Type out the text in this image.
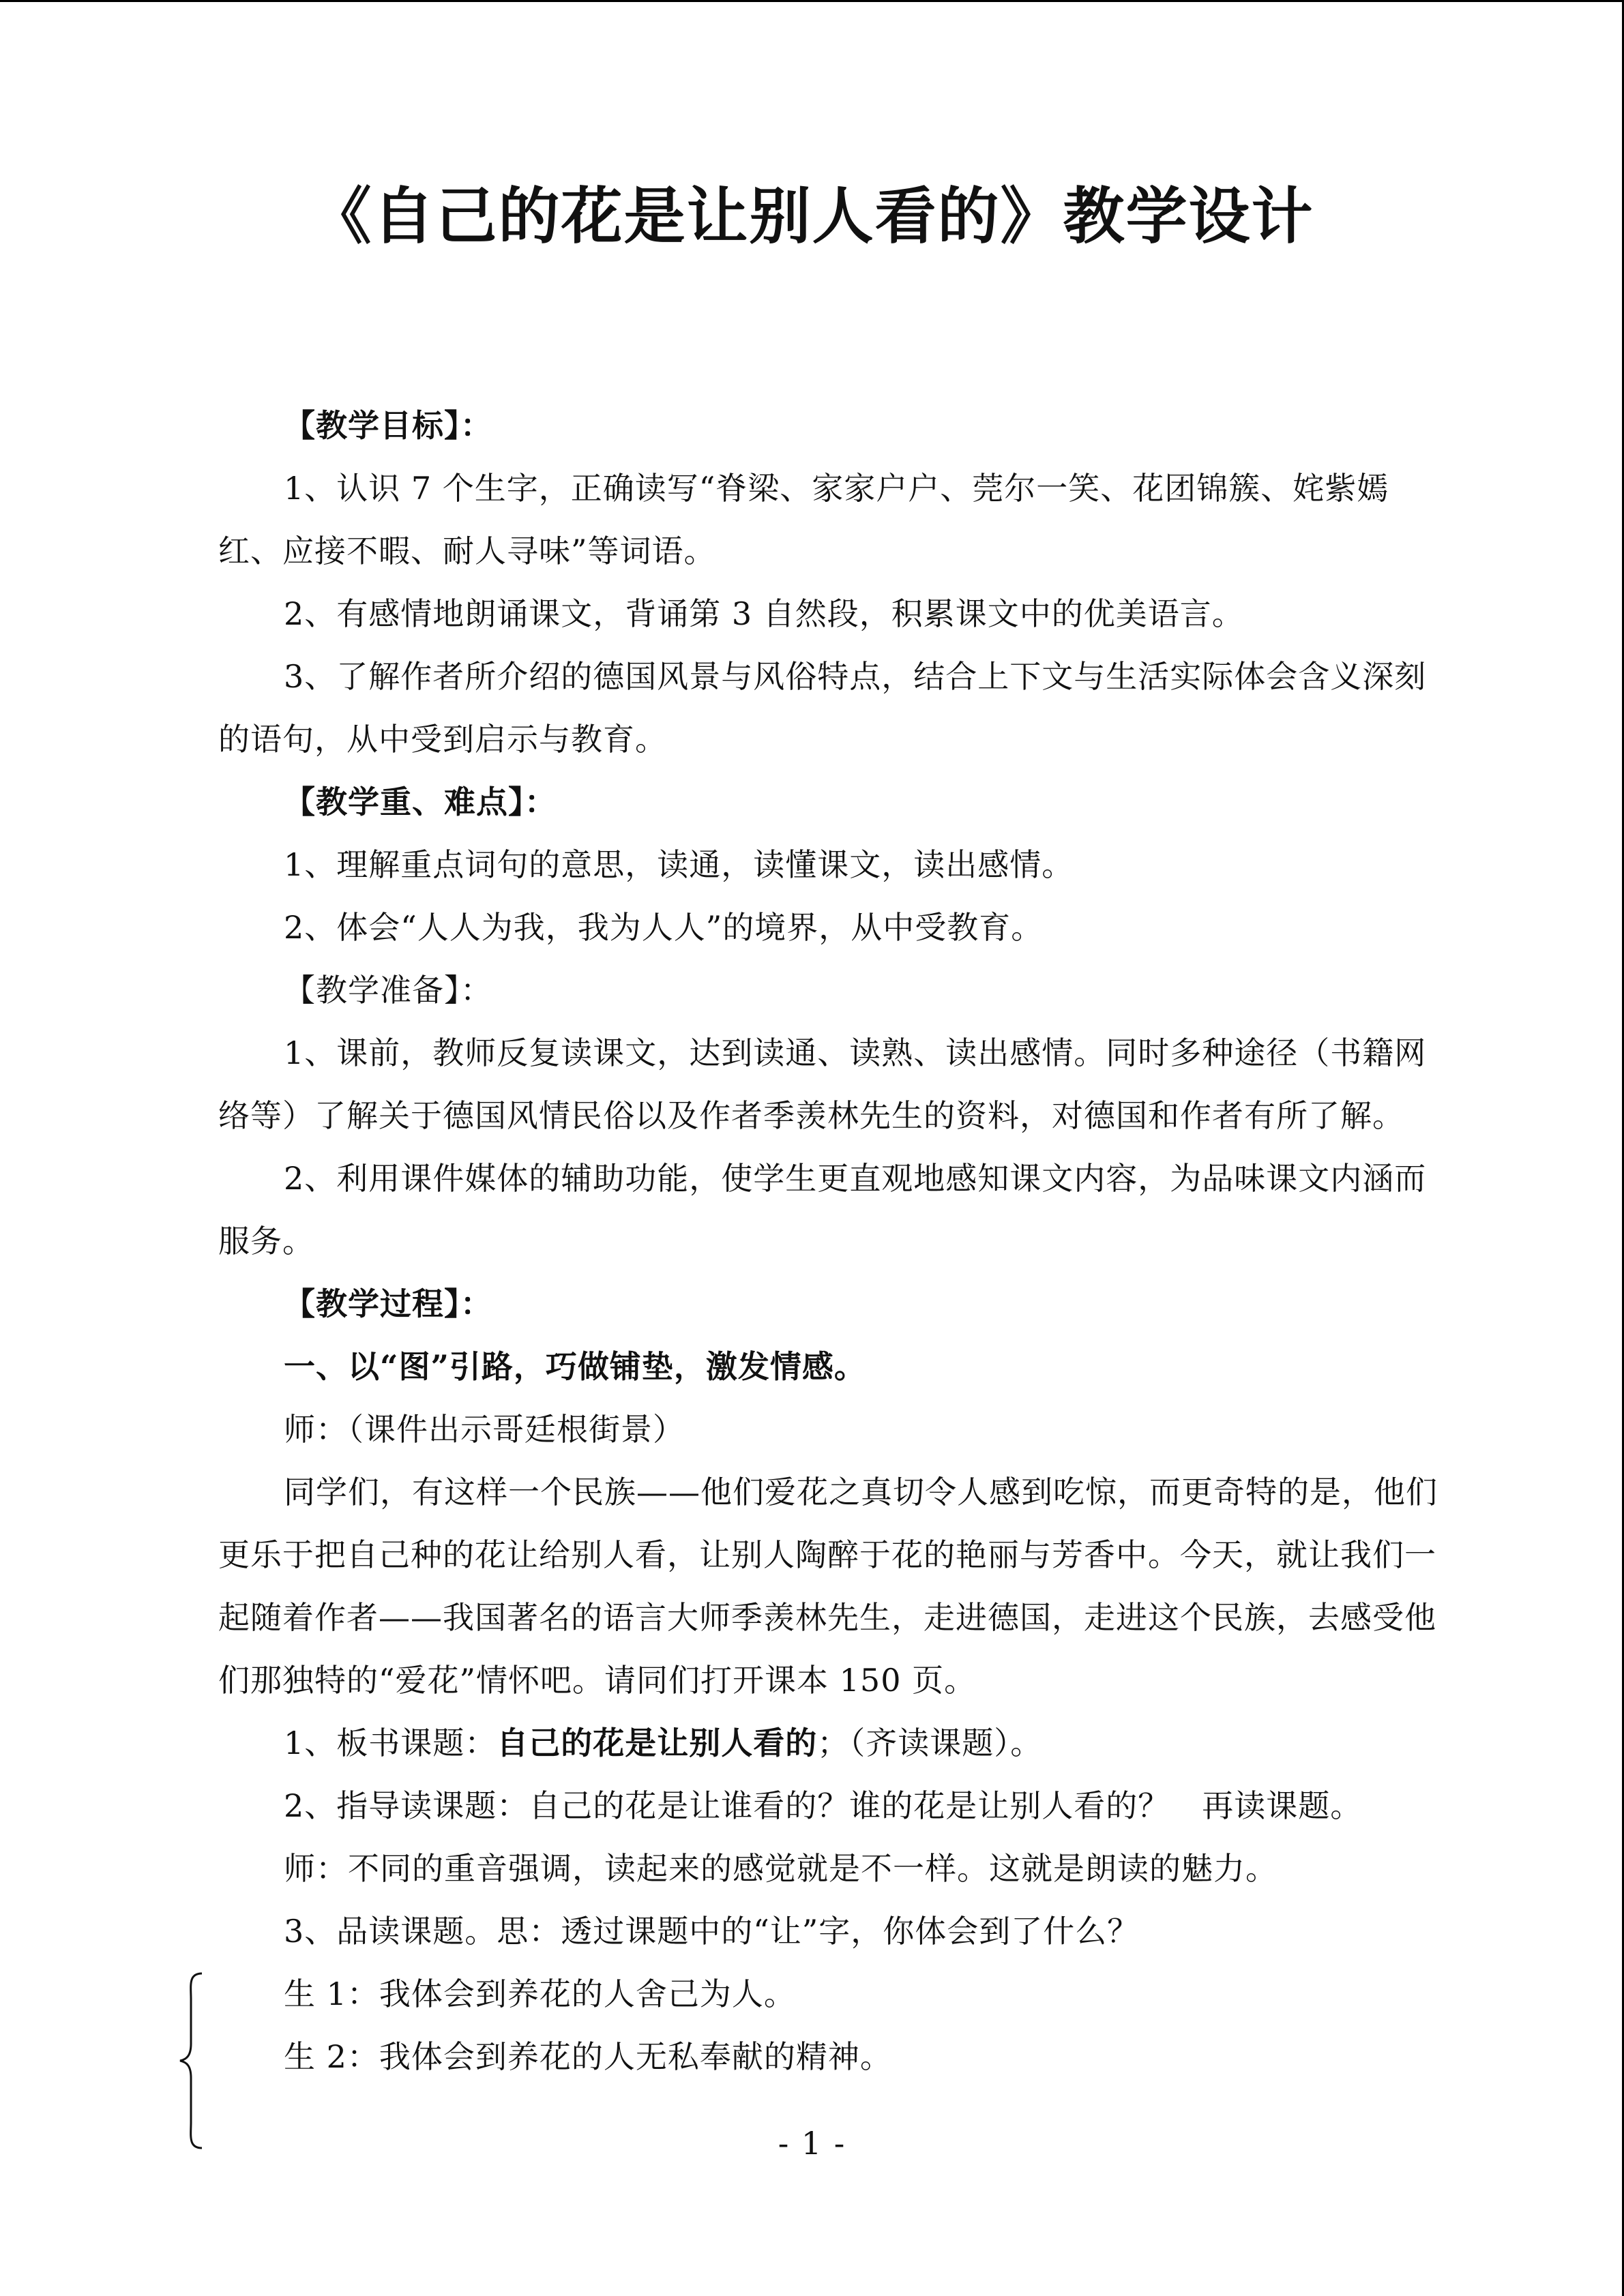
《自己的花是让别人看的》教学设计

【教学目标】：

1、认识 7 个生字，正确读写“脊梁、家家户户、莞尔一笑、花团锦簇、姹紫嫣红、应接不暇、耐人寻味”等词语。

2、有感情地朗诵课文，背诵第 3 自然段，积累课文中的优美语言。

3、了解作者所介绍的德国风景与风俗特点，结合上下文与生活实际体会含义深刻的语句，从中受到启示与教育。

【教学重、难点】：

1、理解重点词句的意思，读通，读懂课文，读出感情。

2、体会“人人为我，我为人人”的境界，从中受教育。

【教学准备】：

1、课前，教师反复读课文，达到读通、读熟、读出感情。同时多种途径（书籍网络等）了解关于德国风情民俗以及作者季羡林先生的资料，对德国和作者有所了解。

2、利用课件媒体的辅助功能，使学生更直观地感知课文内容，为品味课文内涵而服务。

【教学过程】：

一、以“图”引路，巧做铺垫，激发情感。

师：（课件出示哥廷根街景）

同学们，有这样一个民族——他们爱花之真切令人感到吃惊，而更奇特的是，他们更乐于把自己种的花让给别人看，让别人陶醉于花的艳丽与芳香中。今天，就让我们一起随着作者——我国著名的语言大师季羡林先生，走进德国，走进这个民族，去感受他们那独特的“爱花”情怀吧。请同们打开课本 150 页。

1、板书课题：自己的花是让别人看的；（齐读课题）。

2、指导读课题：自己的花是让谁看的？谁的花是让别人看的？　再读课题。

师：不同的重音强调，读起来的感觉就是不一样。这就是朗读的魅力。

3、品读课题。思：透过课题中的“让”字，你体会到了什么？

生 1：我体会到养花的人舍己为人。

生 2：我体会到养花的人无私奉献的精神。

- 1 -
